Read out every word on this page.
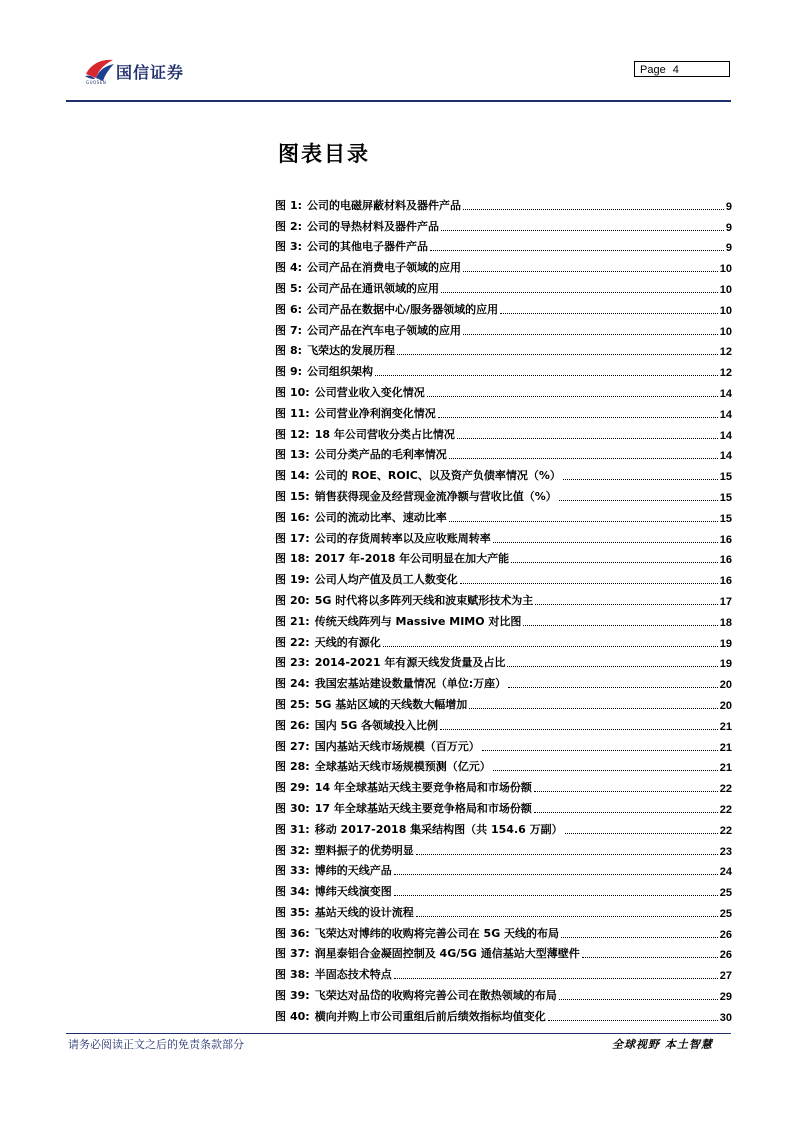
国信证券
GUOSEN
Page 4
图表目录
图 1: 公司的电磁屏蔽材料及器件产品	9
图 2: 公司的导热材料及器件产品	9
图 3: 公司的其他电子器件产品	9
图 4: 公司产品在消费电子领域的应用	10
图 5: 公司产品在通讯领域的应用	10
图 6: 公司产品在数据中心/服务器领域的应用	10
图 7: 公司产品在汽车电子领域的应用	10
图 8: 飞荣达的发展历程	12
图 9: 公司组织架构	12
图 10: 公司营业收入变化情况	14
图 11: 公司营业净利润变化情况	14
图 12: 18 年公司营收分类占比情况	14
图 13: 公司分类产品的毛利率情况	14
图 14: 公司的 ROE、ROIC、以及资产负债率情况（%）	15
图 15: 销售获得现金及经营现金流净额与营收比值（%）	15
图 16: 公司的流动比率、速动比率	15
图 17: 公司的存货周转率以及应收账周转率	16
图 18: 2017 年-2018 年公司明显在加大产能	16
图 19: 公司人均产值及员工人数变化	16
图 20: 5G 时代将以多阵列天线和波束赋形技术为主	17
图 21: 传统天线阵列与 Massive MIMO 对比图	18
图 22: 天线的有源化	19
图 23: 2014-2021 年有源天线发货量及占比	19
图 24: 我国宏基站建设数量情况（单位:万座）	20
图 25: 5G 基站区域的天线数大幅增加	20
图 26: 国内 5G 各领域投入比例	21
图 27: 国内基站天线市场规模（百万元）	21
图 28: 全球基站天线市场规模预测（亿元）	21
图 29: 14 年全球基站天线主要竞争格局和市场份额	22
图 30: 17 年全球基站天线主要竞争格局和市场份额	22
图 31: 移动 2017-2018 集采结构图（共 154.6 万副）	22
图 32: 塑料振子的优势明显	23
图 33: 博纬的天线产品	24
图 34: 博纬天线演变图	25
图 35: 基站天线的设计流程	25
图 36: 飞荣达对博纬的收购将完善公司在 5G 天线的布局	26
图 37: 润星泰铝合金凝固控制及 4G/5G 通信基站大型薄壁件	26
图 38: 半固态技术特点	27
图 39: 飞荣达对品岱的收购将完善公司在散热领域的布局	29
图 40: 横向并购上市公司重组后前后绩效指标均值变化	30
请务必阅读正文之后的免责条款部分	全球视野 本土智慧
